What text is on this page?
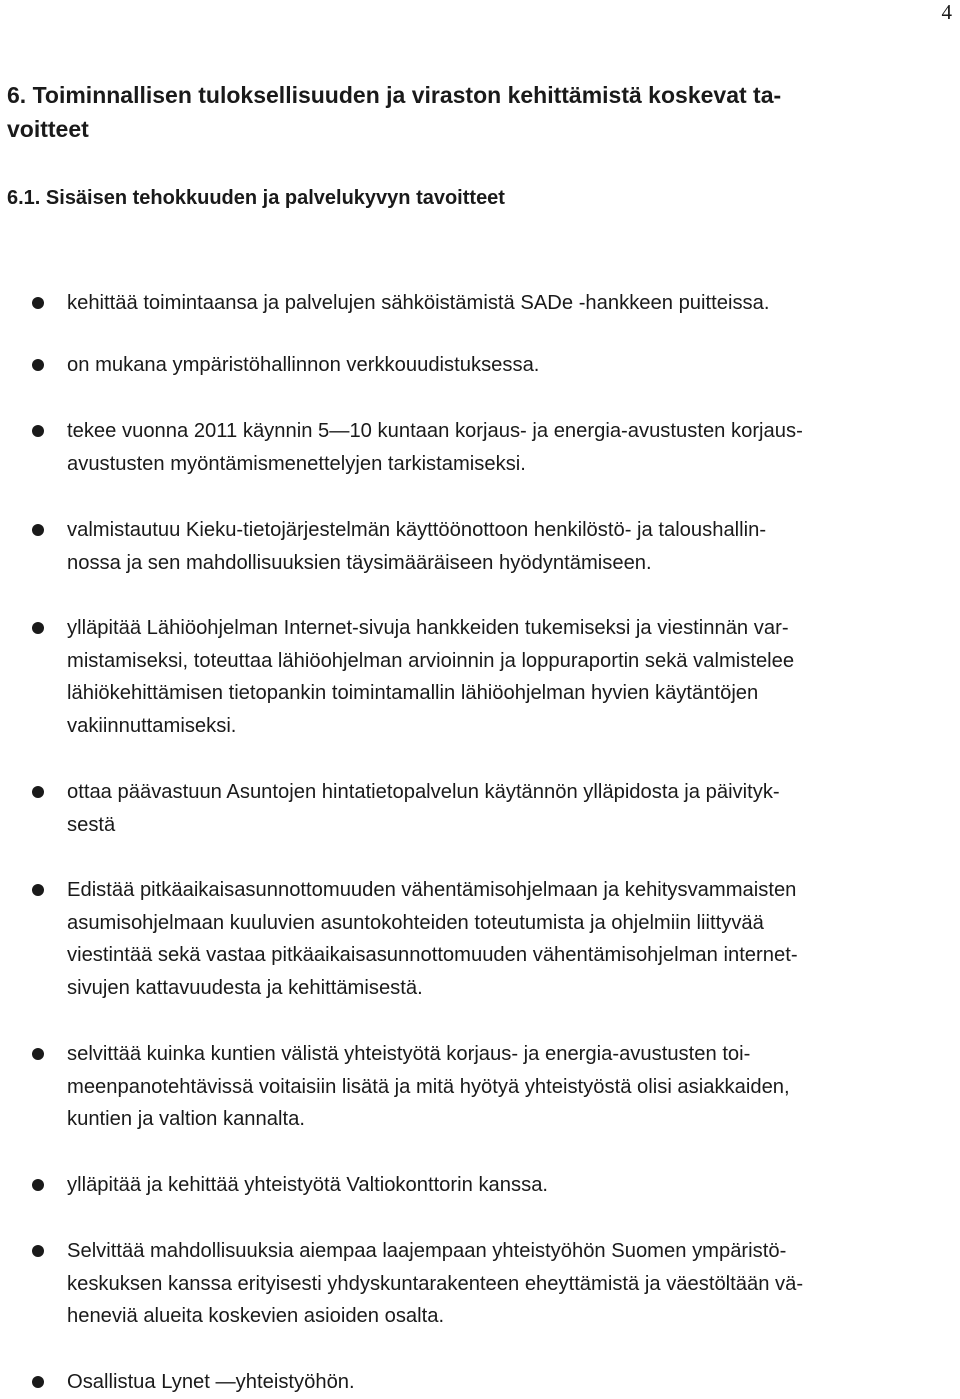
4
6. Toiminnallisen tuloksellisuuden ja viraston kehittämistä koskevat ta-
voitteet
6.1. Sisäisen tehokkuuden ja palvelukyvyn tavoitteet
kehittää toimintaansa ja palvelujen sähköistämistä SADe -hankkeen puitteissa.
on mukana ympäristöhallinnon verkkouudistuksessa.
tekee vuonna 2011 käynnin 5—10 kuntaan korjaus- ja energia-avustusten korjaus-
avustusten myöntämismenettelyjen tarkistamiseksi.
valmistautuu Kieku-tietojärjestelmän käyttöönottoon henkilöstö- ja taloushallin-
nossa ja sen mahdollisuuksien täysimääräiseen hyödyntämiseen.
ylläpitää Lähiöohjelman Internet-sivuja hankkeiden tukemiseksi ja viestinnän var-
mistamiseksi, toteuttaa lähiöohjelman arvioinnin ja loppuraportin sekä valmistelee
lähiökehittämisen tietopankin toimintamallin lähiöohjelman hyvien käytäntöjen
vakiinnuttamiseksi.
ottaa päävastuun Asuntojen hintatietopalvelun käytännön ylläpidosta ja päivityk-
sestä
Edistää pitkäaikaisasunnottomuuden vähentämisohjelmaan ja kehitysvammaisten
asumisohjelmaan kuuluvien asuntokohteiden toteutumista ja ohjelmiin liittyvää
viestintää sekä vastaa pitkäaikaisasunnottomuuden vähentämisohjelman internet-
sivujen kattavuudesta ja kehittämisestä.
selvittää kuinka kuntien välistä yhteistyötä korjaus- ja energia-avustusten toi-
meenpanotehtävissä voitaisiin lisätä ja mitä hyötyä yhteistyöstä olisi asiakkaiden,
kuntien ja valtion kannalta.
ylläpitää ja kehittää yhteistyötä Valtiokonttorin kanssa.
Selvittää mahdollisuuksia aiempaa laajempaan yhteistyöhön Suomen ympäristö-
keskuksen kanssa erityisesti yhdyskuntarakenteen eheyttämistä ja väestöltään vä-
heneviä alueita koskevien asioiden osalta.
Osallistua Lynet —yhteistyöhön.
